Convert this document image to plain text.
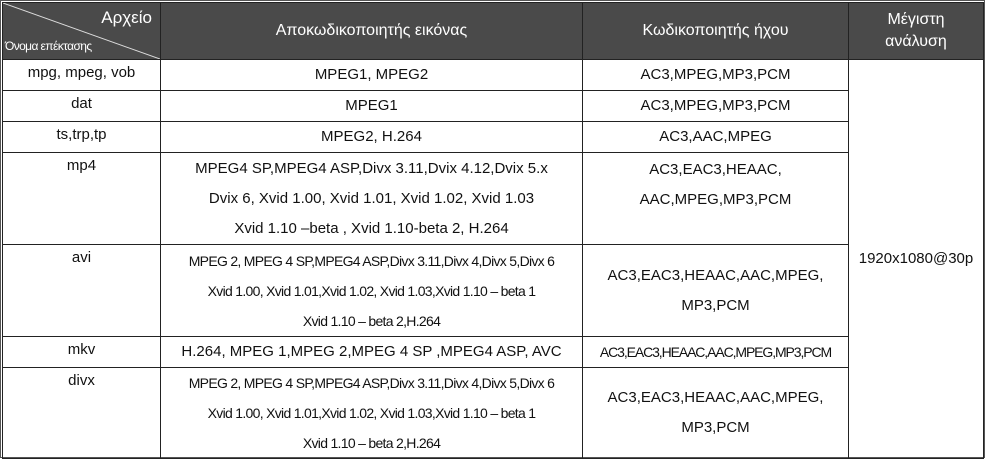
Αρχείο
Όνομα επέκτασης	Αποκωδικοποιητής εικόνας	Κωδικοποιητής ήχου	Μέγιστη ανάλυση
mpg, mpeg, vob	MPEG1, MPEG2	AC3,MPEG,MP3,PCM	1920x1080@30p
dat	MPEG1	AC3,MPEG,MP3,PCM	

ts,trp,tp	MPEG2, H.264	AC3,AAC,MPEG	

mp4	MPEG4 SP,MPEG4 ASP,Divx 3.11,Dvix 4.12,Dvix 5.x
Dvix 6, Xvid 1.00, Xvid 1.01, Xvid 1.02, Xvid 1.03
Xvid 1.10 –beta , Xvid 1.10-beta 2, H.264	AC3,EAC3,HEAAC,
AAC,MPEG,MP3,PCM	

avi	MPEG 2, MPEG 4 SP,MPEG4 ASP,Divx 3.11,Divx 4,Divx 5,Divx 6
Xvid 1.00, Xvid 1.01,Xvid 1.02, Xvid 1.03,Xvid 1.10 – beta 1
Xvid 1.10 – beta 2,H.264	AC3,EAC3,HEAAC,AAC,MPEG,
MP3,PCM	

mkv	H.264, MPEG 1,MPEG 2,MPEG 4 SP ,MPEG4 ASP, AVC	AC3,EAC3,HEAAC,AAC,MPEG,MP3,PCM	

divx	MPEG 2, MPEG 4 SP,MPEG4 ASP,Divx 3.11,Divx 4,Divx 5,Divx 6
Xvid 1.00, Xvid 1.01,Xvid 1.02, Xvid 1.03,Xvid 1.10 – beta 1
Xvid 1.10 – beta 2,H.264	AC3,EAC3,HEAAC,AAC,MPEG,
MP3,PCM	
